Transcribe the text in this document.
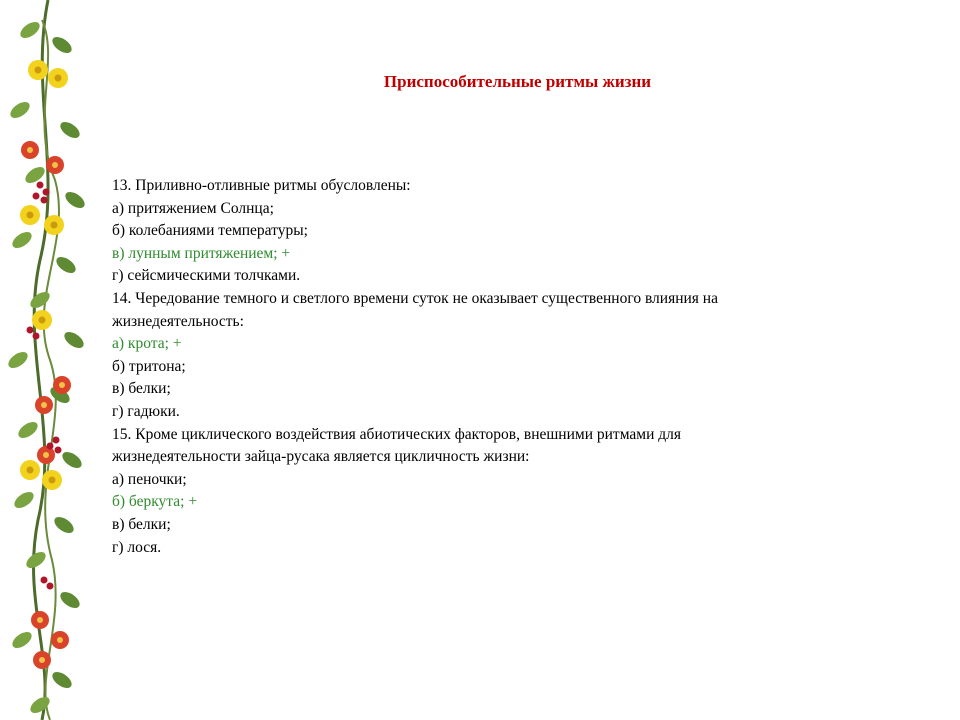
Приспособительные ритмы жизни
13. Приливно-отливные ритмы обусловлены:
а) притяжением Солнца;
б) колебаниями температуры;
в) лунным притяжением; +
г) сейсмическими толчками.
14. Чередование темного и светлого времени суток не оказывает существенного влияния на
жизнедеятельность:
а) крота; +
б) тритона;
в) белки;
г) гадюки.
15. Кроме циклического воздействия абиотических факторов, внешними ритмами для
жизнедеятельности зайца-русака является цикличность жизни:
а) пеночки;
б) беркута; +
в) белки;
г) лося.
